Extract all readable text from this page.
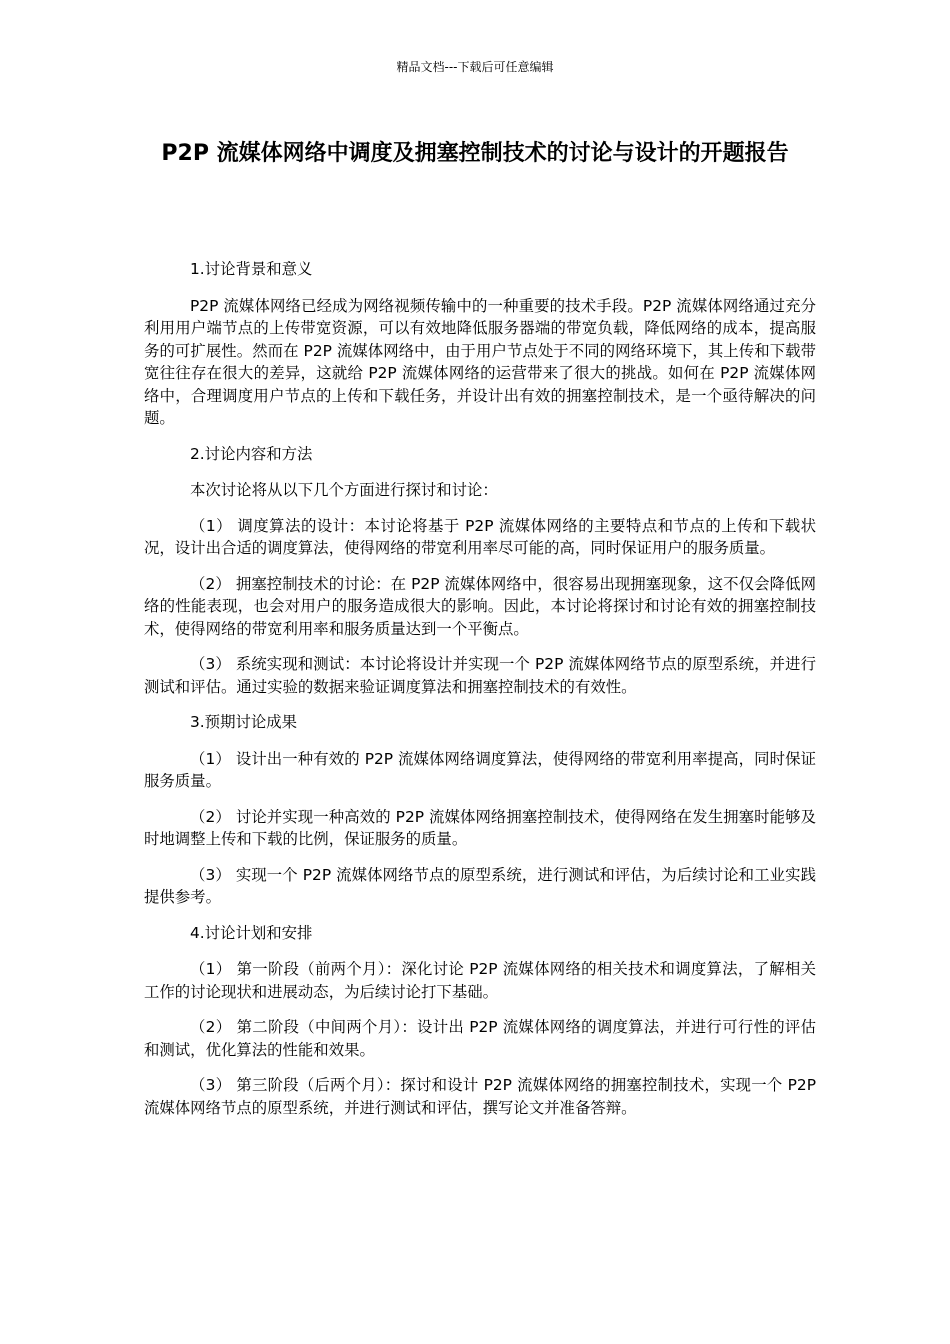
精品文档---下载后可任意编辑
P2P 流媒体网络中调度及拥塞控制技术的讨论与设计的开题报告

1.讨论背景和意义

P2P 流媒体网络已经成为网络视频传输中的一种重要的技术手段。P2P 流媒体网络通过充分利用用户端节点的上传带宽资源，可以有效地降低服务器端的带宽负载，降低网络的成本，提高服务的可扩展性。然而在 P2P 流媒体网络中，由于用户节点处于不同的网络环境下，其上传和下载带宽往往存在很大的差异，这就给 P2P 流媒体网络的运营带来了很大的挑战。如何在 P2P 流媒体网络中，合理调度用户节点的上传和下载任务，并设计出有效的拥塞控制技术，是一个亟待解决的问题。

2.讨论内容和方法

本次讨论将从以下几个方面进行探讨和讨论：

（1） 调度算法的设计：本讨论将基于 P2P 流媒体网络的主要特点和节点的上传和下载状况，设计出合适的调度算法，使得网络的带宽利用率尽可能的高，同时保证用户的服务质量。

（2） 拥塞控制技术的讨论：在 P2P 流媒体网络中，很容易出现拥塞现象，这不仅会降低网络的性能表现，也会对用户的服务造成很大的影响。因此，本讨论将探讨和讨论有效的拥塞控制技术，使得网络的带宽利用率和服务质量达到一个平衡点。

（3） 系统实现和测试：本讨论将设计并实现一个 P2P 流媒体网络节点的原型系统，并进行测试和评估。通过实验的数据来验证调度算法和拥塞控制技术的有效性。

3.预期讨论成果

（1） 设计出一种有效的 P2P 流媒体网络调度算法，使得网络的带宽利用率提高，同时保证服务质量。

（2） 讨论并实现一种高效的 P2P 流媒体网络拥塞控制技术，使得网络在发生拥塞时能够及时地调整上传和下载的比例，保证服务的质量。

（3） 实现一个 P2P 流媒体网络节点的原型系统，进行测试和评估，为后续讨论和工业实践提供参考。

4.讨论计划和安排

（1） 第一阶段（前两个月）：深化讨论 P2P 流媒体网络的相关技术和调度算法，了解相关工作的讨论现状和进展动态，为后续讨论打下基础。

（2） 第二阶段（中间两个月）：设计出 P2P 流媒体网络的调度算法，并进行可行性的评估和测试，优化算法的性能和效果。

（3） 第三阶段（后两个月）：探讨和设计 P2P 流媒体网络的拥塞控制技术，实现一个 P2P 流媒体网络节点的原型系统，并进行测试和评估，撰写论文并准备答辩。
